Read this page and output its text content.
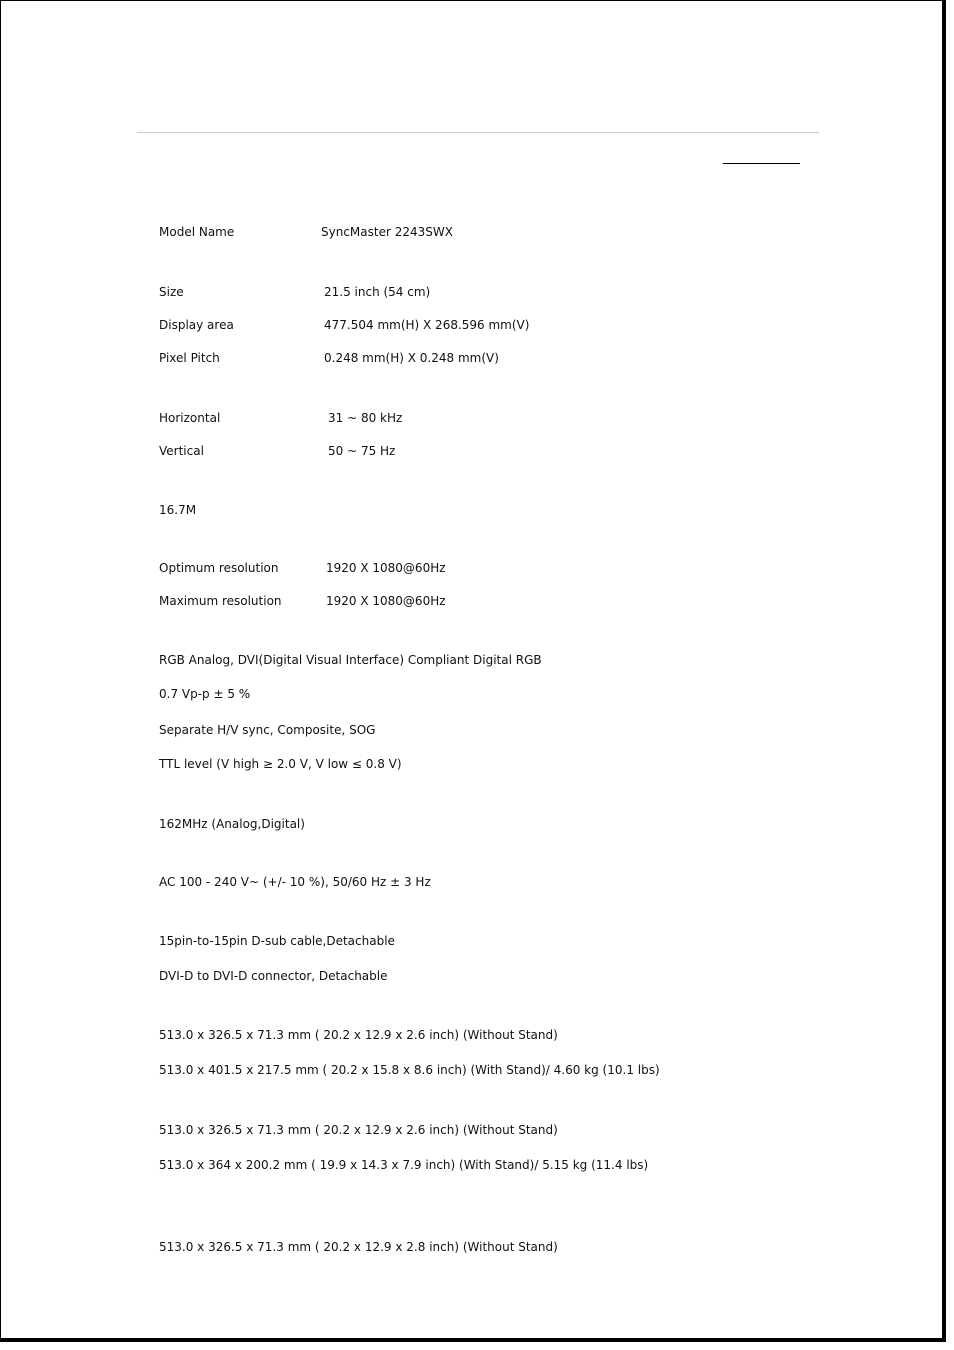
Model Name	SyncMaster 2243SWX
Size	21.5 inch (54 cm)
Display area	477.504 mm(H) X 268.596 mm(V)
Pixel Pitch	0.248 mm(H) X 0.248 mm(V)
Horizontal	31 ~ 80 kHz
Vertical	50 ~ 75 Hz
16.7M
Optimum resolution	1920 X 1080@60Hz
Maximum resolution	1920 X 1080@60Hz
RGB Analog, DVI(Digital Visual Interface) Compliant Digital RGB
0.7 Vp-p ± 5 %
Separate H/V sync, Composite, SOG
TTL level (V high ≥ 2.0 V, V low ≤ 0.8 V)
162MHz (Analog,Digital)
AC 100 - 240 V~ (+/- 10 %), 50/60 Hz ± 3 Hz
15pin-to-15pin D-sub cable,Detachable
DVI-D to DVI-D connector, Detachable
513.0 x 326.5 x 71.3 mm ( 20.2 x 12.9 x 2.6 inch) (Without Stand)
513.0 x 401.5 x 217.5 mm ( 20.2 x 15.8 x 8.6 inch) (With Stand)/ 4.60 kg (10.1 lbs)
513.0 x 326.5 x 71.3 mm ( 20.2 x 12.9 x 2.6 inch) (Without Stand)
513.0 x 364 x 200.2 mm ( 19.9 x 14.3 x 7.9 inch) (With Stand)/ 5.15 kg (11.4 lbs)
513.0 x 326.5 x 71.3 mm ( 20.2 x 12.9 x 2.8 inch) (Without Stand)
